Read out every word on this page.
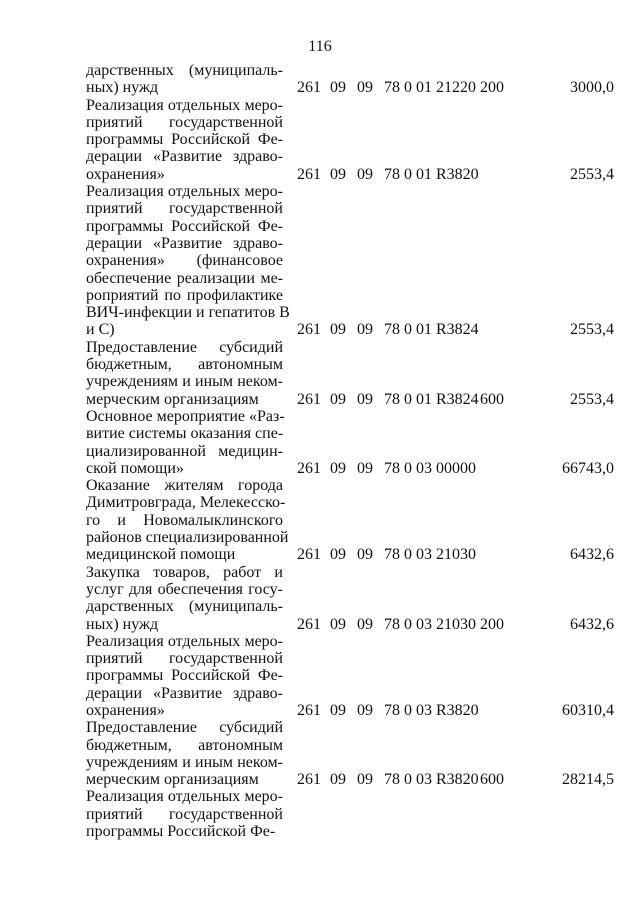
116
дарственных (муниципаль-
ных) нужд	261 09 09 78 0 01 21220 200	3000,0
Реализация отдельных меро-
приятий государственной
программы Российской Фе-
дерации «Развитие здраво-
охранения»	261 09 09 78 0 01 R3820	2553,4
Реализация отдельных меро-
приятий государственной
программы Российской Фе-
дерации «Развитие здраво-
охранения» (финансовое
обеспечение реализации ме-
роприятий по профилактике
ВИЧ-инфекции и гепатитов В
и С)	261 09 09 78 0 01 R3824	2553,4
Предоставление субсидий
бюджетным, автономным
учреждениям и иным неком-
мерческим организациям	261 09 09 78 0 01 R3824 600	2553,4
Основное мероприятие «Раз-
витие системы оказания спе-
циализированной медицин-
ской помощи»	261 09 09 78 0 03 00000	66743,0
Оказание жителям города
Димитровграда, Мелекесско-
го и Новомалыклинского
районов специализированной
медицинской помощи	261 09 09 78 0 03 21030	6432,6
Закупка товаров, работ и
услуг для обеспечения госу-
дарственных (муниципаль-
ных) нужд	261 09 09 78 0 03 21030 200	6432,6
Реализация отдельных меро-
приятий государственной
программы Российской Фе-
дерации «Развитие здраво-
охранения»	261 09 09 78 0 03 R3820	60310,4
Предоставление субсидий
бюджетным, автономным
учреждениям и иным неком-
мерческим организациям	261 09 09 78 0 03 R3820 600	28214,5
Реализация отдельных меро-
приятий государственной
программы Российской Фе-
